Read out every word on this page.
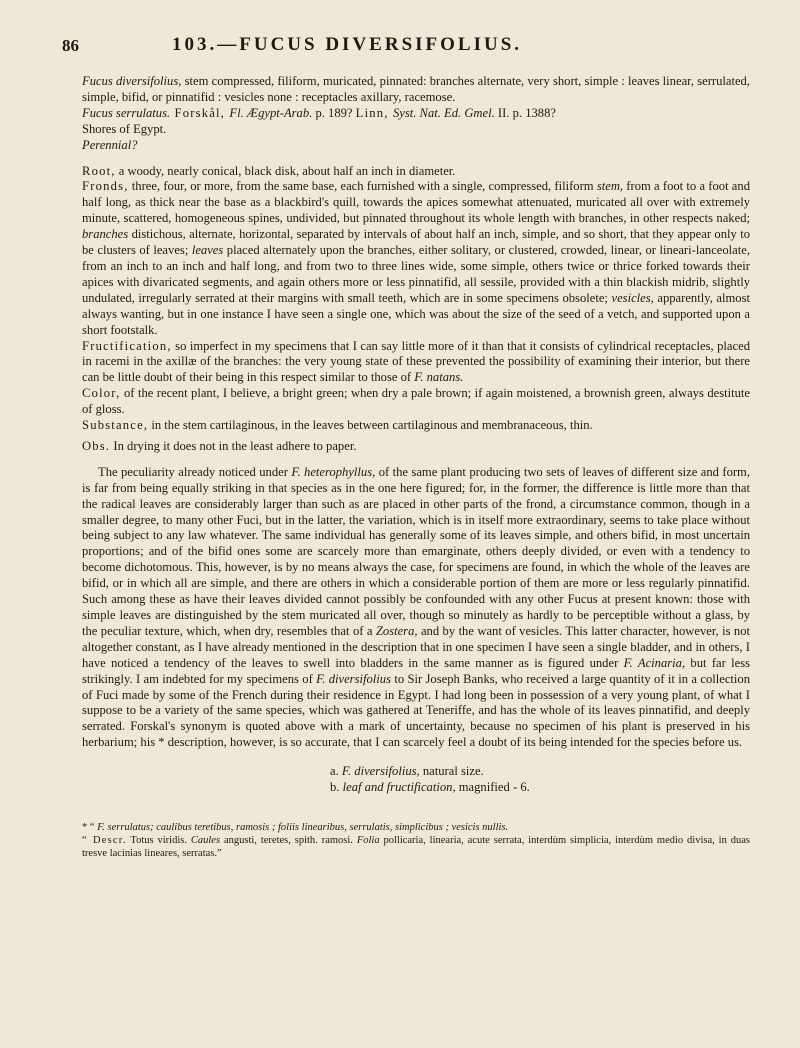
86	103.—FUCUS DIVERSIFOLIUS.

Fucus diversifolius, stem compressed, filiform, muricated, pinnated: branches alternate, very short, simple : leaves linear, serrulated, simple, bifid, or pinnatifid : vesicles none : receptacles axillary, racemose.

Fucus serrulatus. Forskål, Fl. Ægypt-Arab. p. 189? Linn, Syst. Nat. Ed. Gmel. II. p. 1388?

Shores of Egypt.

Perennial?

Root, a woody, nearly conical, black disk, about half an inch in diameter.

Fronds, three, four, or more, from the same base, each furnished with a single, compressed, filiform stem, from a foot to a foot and half long, as thick near the base as a blackbird's quill, towards the apices somewhat attenuated, muricated all over with extremely minute, scattered, homogeneous spines, undivided, but pinnated throughout its whole length with branches, in other respects naked; branches distichous, alternate, horizontal, separated by intervals of about half an inch, simple, and so short, that they appear only to be clusters of leaves; leaves placed alternately upon the branches, either solitary, or clustered, crowded, linear, or lineari-lanceolate, from an inch to an inch and half long, and from two to three lines wide, some simple, others twice or thrice forked towards their apices with divaricated segments, and again others more or less pinnatifid, all sessile, provided with a thin blackish midrib, slightly undulated, irregularly serrated at their margins with small teeth, which are in some specimens obsolete; vesicles, apparently, almost always wanting, but in one instance I have seen a single one, which was about the size of the seed of a vetch, and supported upon a short footstalk.

Fructification, so imperfect in my specimens that I can say little more of it than that it consists of cylindrical receptacles, placed in racemi in the axillæ of the branches: the very young state of these prevented the possibility of examining their interior, but there can be little doubt of their being in this respect similar to those of F. natans.

Color, of the recent plant, I believe, a bright green; when dry a pale brown; if again moistened, a brownish green, always destitute of gloss.

Substance, in the stem cartilaginous, in the leaves between cartilaginous and membranaceous, thin.

Obs. In drying it does not in the least adhere to paper.

The peculiarity already noticed under F. heterophyllus, of the same plant producing two sets of leaves of different size and form, is far from being equally striking in that species as in the one here figured; for, in the former, the difference is little more than that the radical leaves are considerably larger than such as are placed in other parts of the frond, a circumstance common, though in a smaller degree, to many other Fuci, but in the latter, the variation, which is in itself more extraordinary, seems to take place without being subject to any law whatever. The same individual has generally some of its leaves simple, and others bifid, in most uncertain proportions; and of the bifid ones some are scarcely more than emarginate, others deeply divided, or even with a tendency to become dichotomous. This, however, is by no means always the case, for specimens are found, in which the whole of the leaves are bifid, or in which all are simple, and there are others in which a considerable portion of them are more or less regularly pinnatifid. Such among these as have their leaves divided cannot possibly be confounded with any other Fucus at present known: those with simple leaves are distinguished by the stem muricated all over, though so minutely as hardly to be perceptible without a glass, by the peculiar texture, which, when dry, resembles that of a Zostera, and by the want of vesicles. This latter character, however, is not altogether constant, as I have already mentioned in the description that in one specimen I have seen a single bladder, and in others, I have noticed a tendency of the leaves to swell into bladders in the same manner as is figured under F. Acinaria, but far less strikingly. I am indebted for my specimens of F. diversifolius to Sir Joseph Banks, who received a large quantity of it in a collection of Fuci made by some of the French during their residence in Egypt. I had long been in possession of a very young plant, of what I suppose to be a variety of the same species, which was gathered at Teneriffe, and has the whole of its leaves pinnatifid, and deeply serrated. Forskal's synonym is quoted above with a mark of uncertainty, because no specimen of his plant is preserved in his herbarium; his * description, however, is so accurate, that I can scarcely feel a doubt of its being intended for the species before us.

a. F. diversifolius, natural size.
b. leaf and fructification, magnified - 6.

* “ F. serrulatus; caulibus teretibus, ramosis ; foliis linearibus, serrulatis, simplicibus ; vesicis nullis.
“ Descr. Totus viridis. Caules angusti, teretes, spith. ramosi. Folia pollicaria, linearia, acute serrata, interdùm simplicia, interdùm medio divisa, in duas tresve lacinias lineares, serratas.”
